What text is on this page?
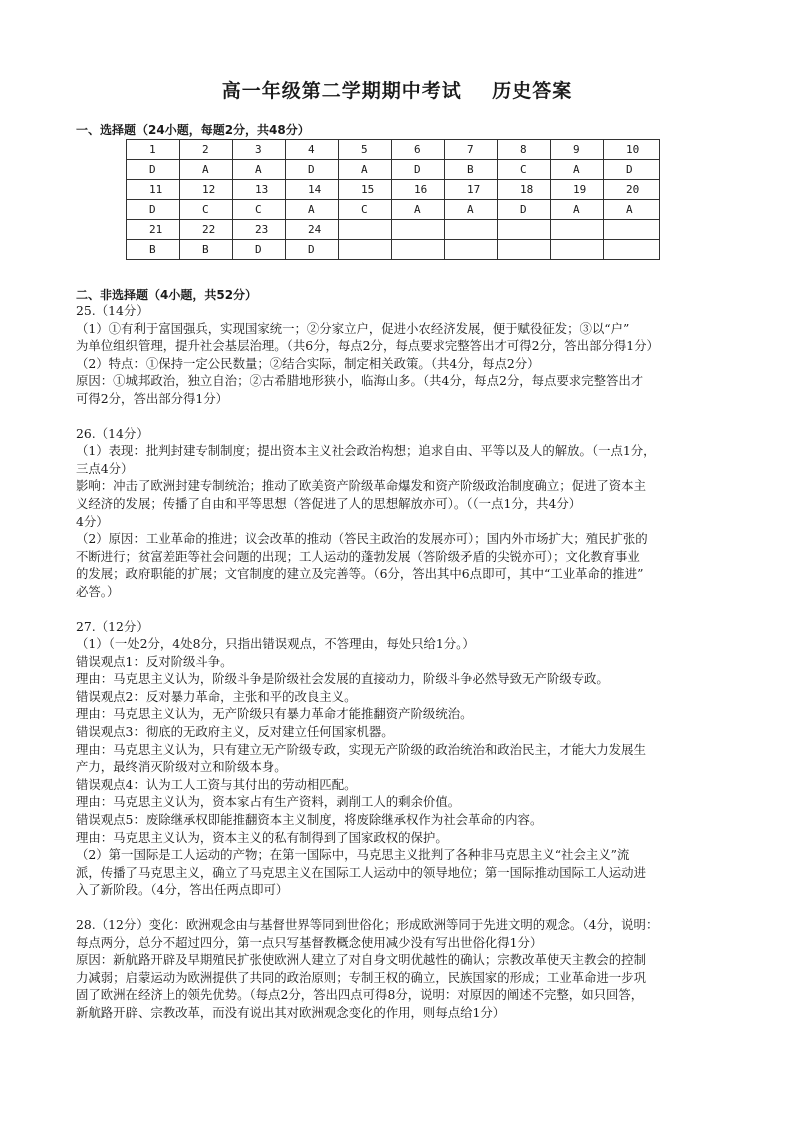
高一年级第二学期期中考试    历史答案
一、选择题（24小题，每题2分，共48分）
1	2	3	4	5	6	7	8	9	10
D	A	A	D	A	D	B	C	A	D
11	12	13	14	15	16	17	18	19	20
D	C	C	A	C	A	A	D	A	A
21	22	23	24						
B	B	D	D						
二、非选择题（4小题，共52分）

25.（14分）

（1）①有利于富国强兵，实现国家统一；②分家立户，促进小农经济发展，便于赋役征发；③以“户”

为单位组织管理，提升社会基层治理。（共6分，每点2分，每点要求完整答出才可得2分，答出部分得1分）

（2）特点：①保持一定公民数量；②结合实际，制定相关政策。（共4分，每点2分）

原因：①城邦政治，独立自治；②古希腊地形狭小，临海山多。（共4分，每点2分，每点要求完整答出才

可得2分，答出部分得1分）

26.（14分）

（1）表现：批判封建专制制度；提出资本主义社会政治构想；追求自由、平等以及人的解放。（一点1分，

三点4分）

影响：冲击了欧洲封建专制统治；推动了欧美资产阶级革命爆发和资产阶级政治制度确立；促进了资本主

义经济的发展；传播了自由和平等思想（答促进了人的思想解放亦可）。（（一点1分，共4分）

4分）

（2）原因：工业革命的推进；议会改革的推动（答民主政治的发展亦可）；国内外市场扩大；殖民扩张的

不断进行；贫富差距等社会问题的出现；工人运动的蓬勃发展（答阶级矛盾的尖锐亦可）；文化教育事业

的发展；政府职能的扩展；文官制度的建立及完善等。（6分，答出其中6点即可，其中“工业革命的推进”

必答。）

27.（12分）

（1）（一处2分，4处8分，只指出错误观点，不答理由，每处只给1分。）

错误观点1：反对阶级斗争。

理由：马克思主义认为，阶级斗争是阶级社会发展的直接动力，阶级斗争必然导致无产阶级专政。

错误观点2：反对暴力革命，主张和平的改良主义。

理由：马克思主义认为，无产阶级只有暴力革命才能推翻资产阶级统治。

错误观点3：彻底的无政府主义，反对建立任何国家机器。

理由：马克思主义认为，只有建立无产阶级专政，实现无产阶级的政治统治和政治民主，才能大力发展生

产力，最终消灭阶级对立和阶级本身。

错误观点4：认为工人工资与其付出的劳动相匹配。

理由：马克思主义认为，资本家占有生产资料，剥削工人的剩余价值。

错误观点5：废除继承权即能推翻资本主义制度，将废除继承权作为社会革命的内容。

理由：马克思主义认为，资本主义的私有制得到了国家政权的保护。

（2）第一国际是工人运动的产物；在第一国际中，马克思主义批判了各种非马克思主义“社会主义”流

派，传播了马克思主义，确立了马克思主义在国际工人运动中的领导地位；第一国际推动国际工人运动进

入了新阶段。（4分，答出任两点即可）

28.（12分）变化：欧洲观念由与基督世界等同到世俗化；形成欧洲等同于先进文明的观念。（4分，说明：

每点两分，总分不超过四分，第一点只写基督教概念使用减少没有写出世俗化得1分）

原因：新航路开辟及早期殖民扩张使欧洲人建立了对自身文明优越性的确认；宗教改革使天主教会的控制

力减弱；启蒙运动为欧洲提供了共同的政治原则；专制王权的确立，民族国家的形成；工业革命进一步巩

固了欧洲在经济上的领先优势。（每点2分，答出四点可得8分，说明：对原因的阐述不完整，如只回答，

新航路开辟、宗教改革，而没有说出其对欧洲观念变化的作用，则每点给1分）
